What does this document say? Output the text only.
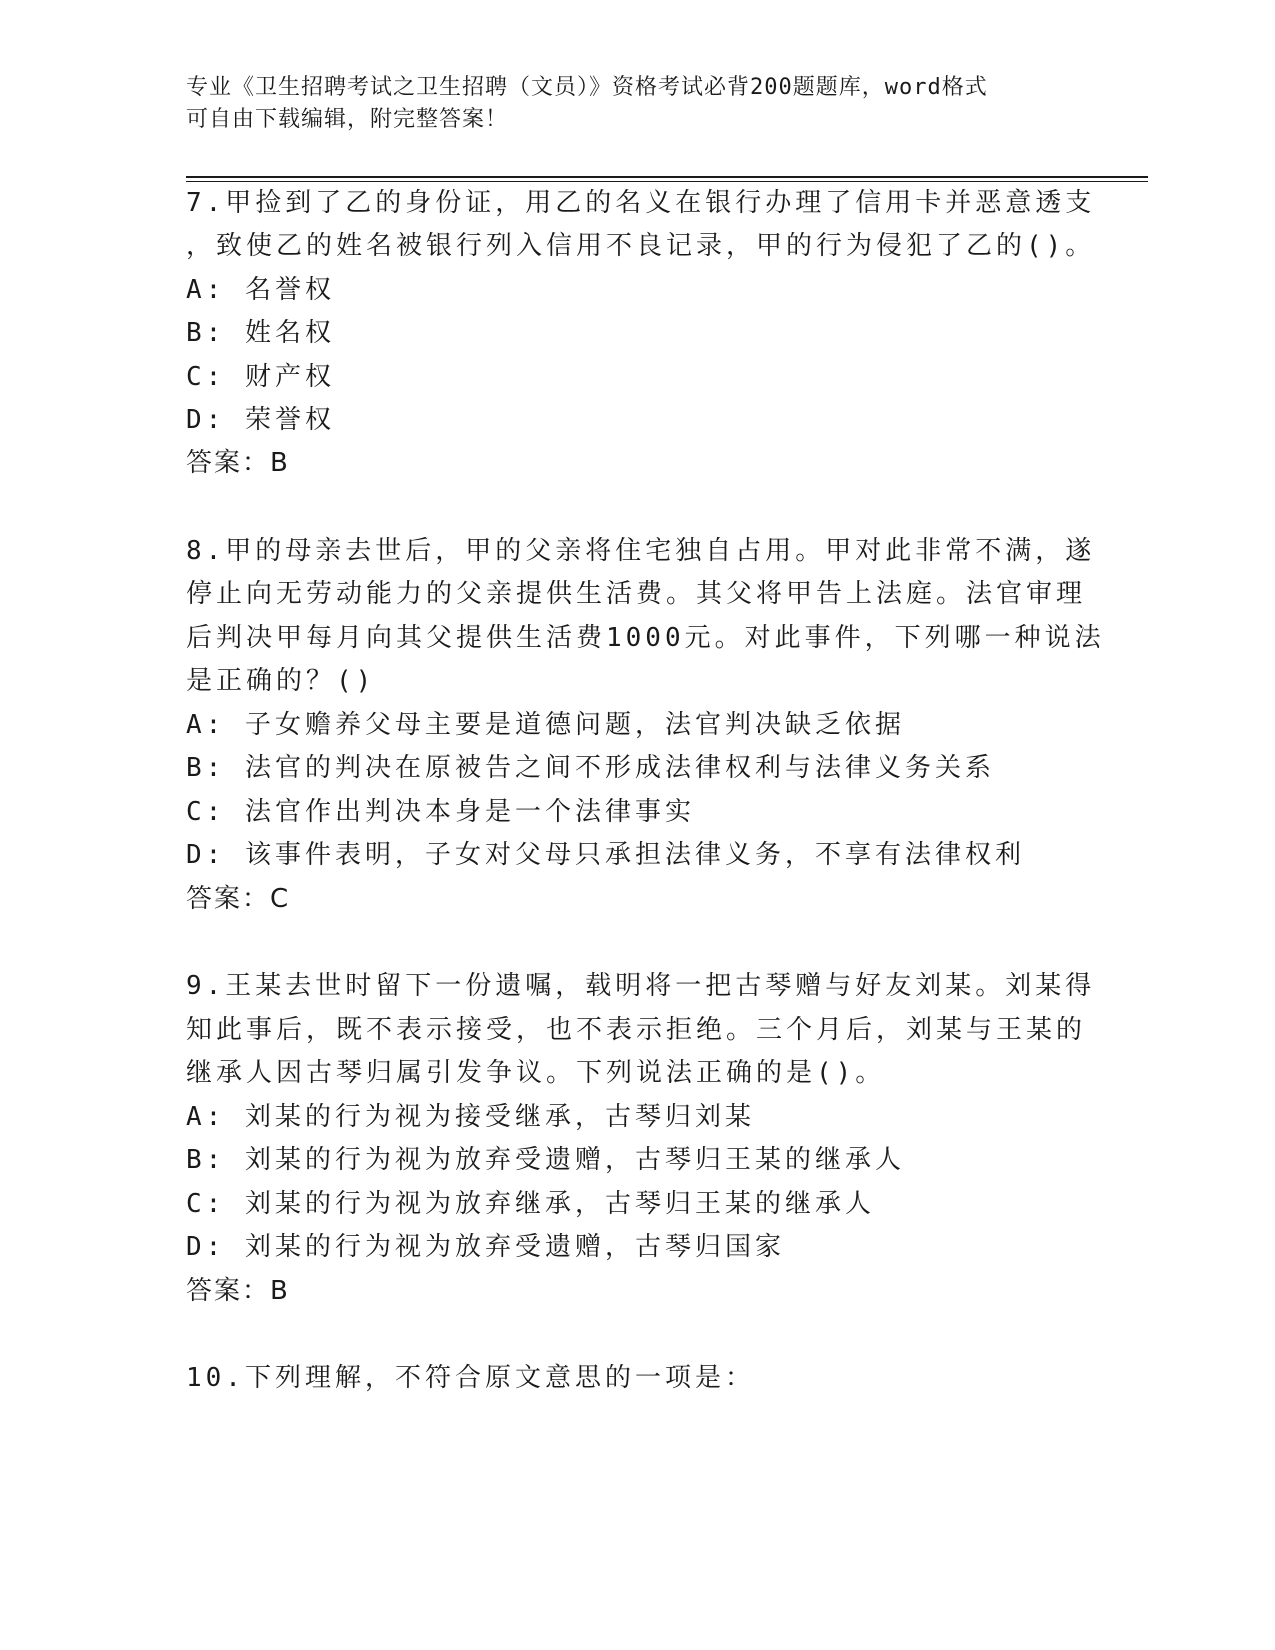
专业《卫生招聘考试之卫生招聘（文员）》资格考试必背200题题库，word格式
可自由下载编辑，附完整答案！
7.甲捡到了乙的身份证，用乙的名义在银行办理了信用卡并恶意透支
，致使乙的姓名被银行列入信用不良记录，甲的行为侵犯了乙的()。
A: 名誉权
B: 姓名权
C: 财产权
D: 荣誉权
答案：B
8.甲的母亲去世后，甲的父亲将住宅独自占用。甲对此非常不满，遂
停止向无劳动能力的父亲提供生活费。其父将甲告上法庭。法官审理
后判决甲每月向其父提供生活费1000元。对此事件，下列哪一种说法
是正确的？()
A: 子女赡养父母主要是道德问题，法官判决缺乏依据
B: 法官的判决在原被告之间不形成法律权利与法律义务关系
C: 法官作出判决本身是一个法律事实
D: 该事件表明，子女对父母只承担法律义务，不享有法律权利
答案：C
9.王某去世时留下一份遗嘱，载明将一把古琴赠与好友刘某。刘某得
知此事后，既不表示接受，也不表示拒绝。三个月后，刘某与王某的
继承人因古琴归属引发争议。下列说法正确的是()。
A: 刘某的行为视为接受继承，古琴归刘某
B: 刘某的行为视为放弃受遗赠，古琴归王某的继承人
C: 刘某的行为视为放弃继承，古琴归王某的继承人
D: 刘某的行为视为放弃受遗赠，古琴归国家
答案：B
10.下列理解，不符合原文意思的一项是：
